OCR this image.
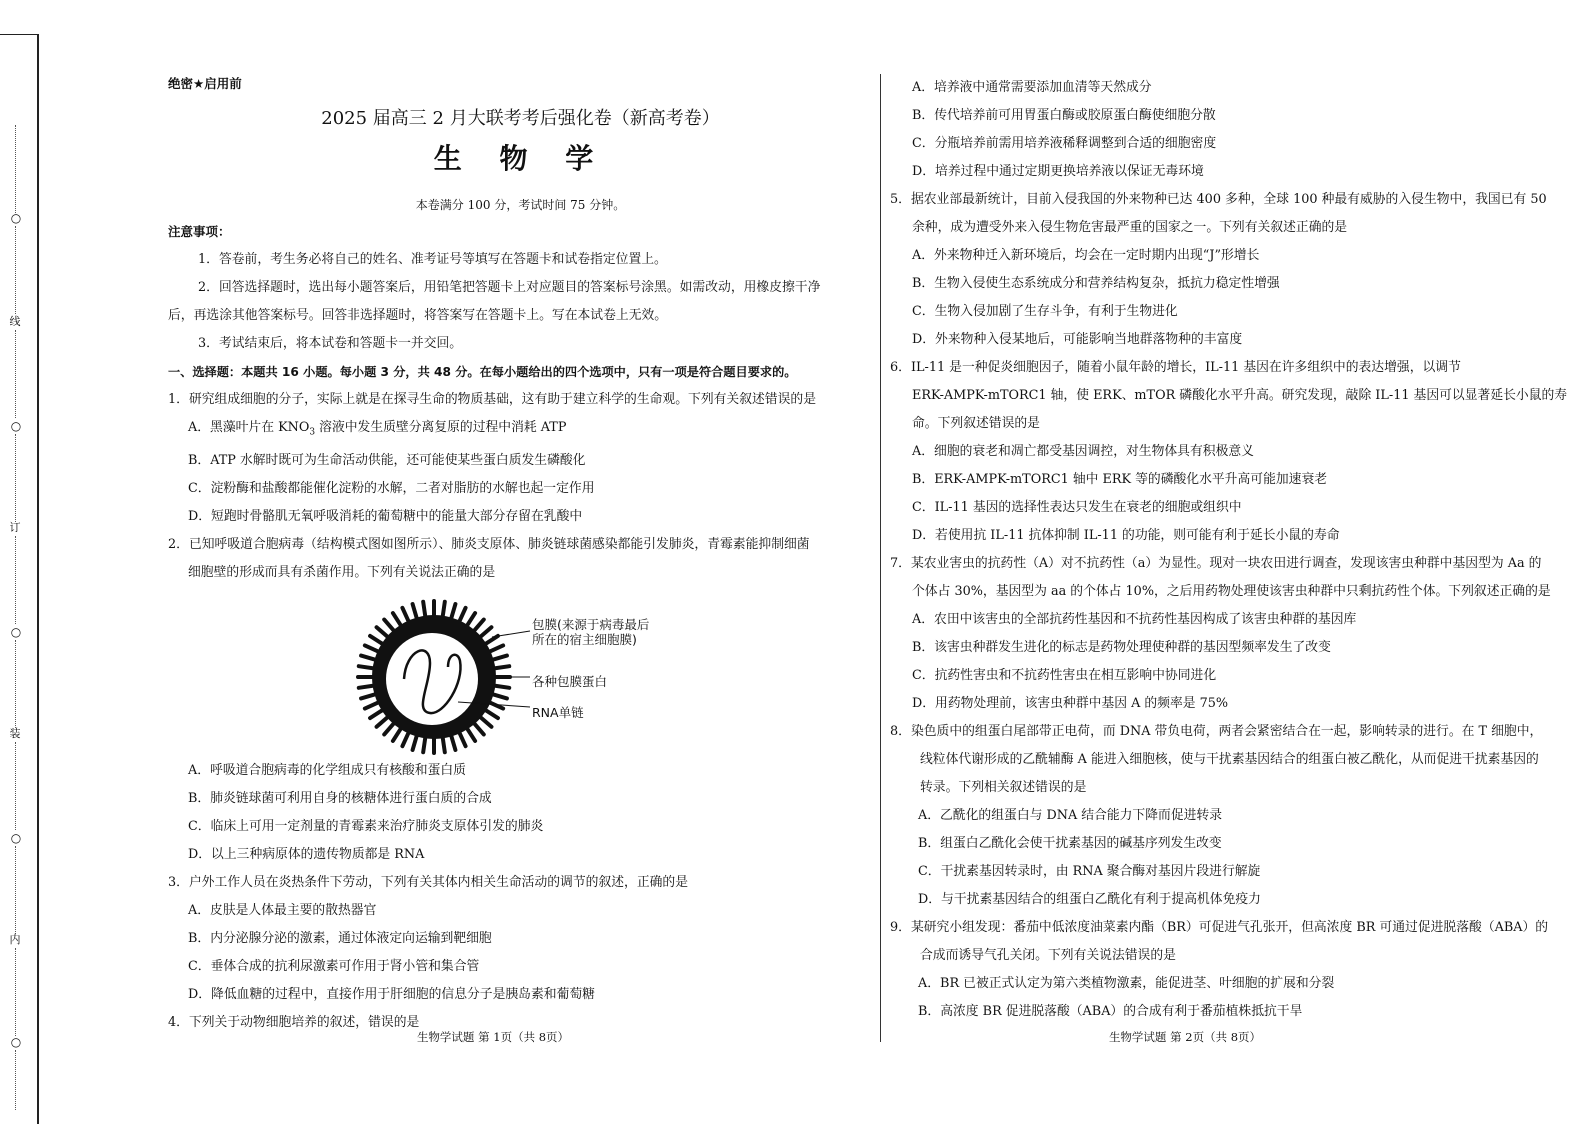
○
线
○
订
○
装
○
内
○
绝密★启用前
2025 届高三 2 月大联考考后强化卷（新高考卷）
生 物 学
本卷满分 100 分，考试时间 75 分钟。
注意事项：
1．答卷前，考生务必将自己的姓名、准考证号等填写在答题卡和试卷指定位置上。
2．回答选择题时，选出每小题答案后，用铅笔把答题卡上对应题目的答案标号涂黑。如需改动，用橡皮擦干净
后，再选涂其他答案标号。回答非选择题时，将答案写在答题卡上。写在本试卷上无效。
3．考试结束后，将本试卷和答题卡一并交回。
一、选择题：本题共 16 小题。每小题 3 分，共 48 分。在每小题给出的四个选项中，只有一项是符合题目要求的。
1．研究组成细胞的分子，实际上就是在探寻生命的物质基础，这有助于建立科学的生命观。下列有关叙述错误的是
A．黑藻叶片在 $KNO_3$ 溶液中发生质壁分离复原的过程中消耗 ATP
B．ATP 水解时既可为生命活动供能，还可能使某些蛋白质发生磷酸化
C．淀粉酶和盐酸都能催化淀粉的水解，二者对脂肪的水解也起一定作用
D．短跑时骨骼肌无氧呼吸消耗的葡萄糖中的能量大部分存留在乳酸中
2．已知呼吸道合胞病毒（结构模式图如图所示）、肺炎支原体、肺炎链球菌感染都能引发肺炎，青霉素能抑制细菌
细胞壁的形成而具有杀菌作用。下列有关说法正确的是
包膜(来源于病毒最后
所在的宿主细胞膜)
各种包膜蛋白
RNA单链
A．呼吸道合胞病毒的化学组成只有核酸和蛋白质
B．肺炎链球菌可利用自身的核糖体进行蛋白质的合成
C．临床上可用一定剂量的青霉素来治疗肺炎支原体引发的肺炎
D．以上三种病原体的遗传物质都是 RNA
3．户外工作人员在炎热条件下劳动，下列有关其体内相关生命活动的调节的叙述，正确的是
A．皮肤是人体最主要的散热器官
B．内分泌腺分泌的激素，通过体液定向运输到靶细胞
C．垂体合成的抗利尿激素可作用于肾小管和集合管
D．降低血糖的过程中，直接作用于肝细胞的信息分子是胰岛素和葡萄糖
4．下列关于动物细胞培养的叙述，错误的是
A．培养液中通常需要添加血清等天然成分
B．传代培养前可用胃蛋白酶或胶原蛋白酶使细胞分散
C．分瓶培养前需用培养液稀释调整到合适的细胞密度
D．培养过程中通过定期更换培养液以保证无毒环境
5．据农业部最新统计，目前入侵我国的外来物种已达 400 多种，全球 100 种最有威胁的入侵生物中，我国已有 50
余种，成为遭受外来入侵生物危害最严重的国家之一。下列有关叙述正确的是
A．外来物种迁入新环境后，均会在一定时期内出现“J”形增长
B．生物入侵使生态系统成分和营养结构复杂，抵抗力稳定性增强
C．生物入侵加剧了生存斗争，有利于生物进化
D．外来物种入侵某地后，可能影响当地群落物种的丰富度
6．IL-11 是一种促炎细胞因子，随着小鼠年龄的增长，IL-11 基因在许多组织中的表达增强，以调节
ERK-AMPK-mTORC1 轴，使 ERK、mTOR 磷酸化水平升高。研究发现，敲除 IL-11 基因可以显著延长小鼠的寿
命。下列叙述错误的是
A．细胞的衰老和凋亡都受基因调控，对生物体具有积极意义
B．ERK-AMPK-mTORC1 轴中 ERK 等的磷酸化水平升高可能加速衰老
C．IL-11 基因的选择性表达只发生在衰老的细胞或组织中
D．若使用抗 IL-11 抗体抑制 IL-11 的功能，则可能有利于延长小鼠的寿命
7．某农业害虫的抗药性（A）对不抗药性（a）为显性。现对一块农田进行调查，发现该害虫种群中基因型为 Aa 的
个体占 30%，基因型为 aa 的个体占 10%，之后用药物处理使该害虫种群中只剩抗药性个体。下列叙述正确的是
A．农田中该害虫的全部抗药性基因和不抗药性基因构成了该害虫种群的基因库
B．该害虫种群发生进化的标志是药物处理使种群的基因型频率发生了改变
C．抗药性害虫和不抗药性害虫在相互影响中协同进化
D．用药物处理前，该害虫种群中基因 A 的频率是 75%
8．染色质中的组蛋白尾部带正电荷，而 DNA 带负电荷，两者会紧密结合在一起，影响转录的进行。在 T 细胞中，
线粒体代谢形成的乙酰辅酶 A 能进入细胞核，使与干扰素基因结合的组蛋白被乙酰化，从而促进干扰素基因的
转录。下列相关叙述错误的是
A．乙酰化的组蛋白与 DNA 结合能力下降而促进转录
B．组蛋白乙酰化会使干扰素基因的碱基序列发生改变
C．干扰素基因转录时，由 RNA 聚合酶对基因片段进行解旋
D．与干扰素基因结合的组蛋白乙酰化有利于提高机体免疫力
9．某研究小组发现：番茄中低浓度油菜素内酯（BR）可促进气孔张开，但高浓度 BR 可通过促进脱落酸（ABA）的
合成而诱导气孔关闭。下列有关说法错误的是
A．BR 已被正式认定为第六类植物激素，能促进茎、叶细胞的扩展和分裂
B．高浓度 BR 促进脱落酸（ABA）的合成有利于番茄植株抵抗干旱
生物学试题 第 1页（共 8页）	生物学试题 第 2页（共 8页）
